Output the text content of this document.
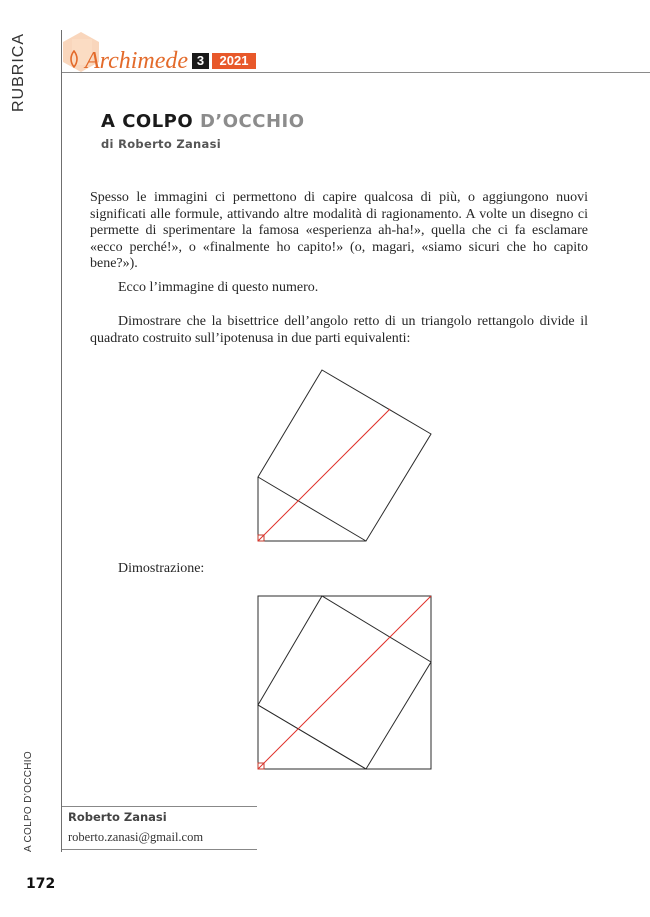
RUBRICA Archimede 3	2021
A COLPO D’OCCHIO
di Roberto Zanasi
Spesso le immagini ci permettono di capire qualcosa di più, o aggiungono nuovi significati alle formule, attivando altre modalità di ragionamento. A volte un disegno ci permette di sperimentare la famosa «esperienza ah-ha!», quella che ci fa esclamare «ecco perché!», o «finalmente ho capito!» (o, magari, «siamo sicuri che ho capito bene?»).
Ecco l’immagine di questo numero.
Dimostrare che la bisettrice dell’angolo retto di un triangolo rettangolo divide il quadrato costruito sull’ipotenusa in due parti equivalenti:
Dimostrazione:
Roberto Zanasi
roberto.zanasi@gmail.com
A COLPO D’OCCHIO
172
